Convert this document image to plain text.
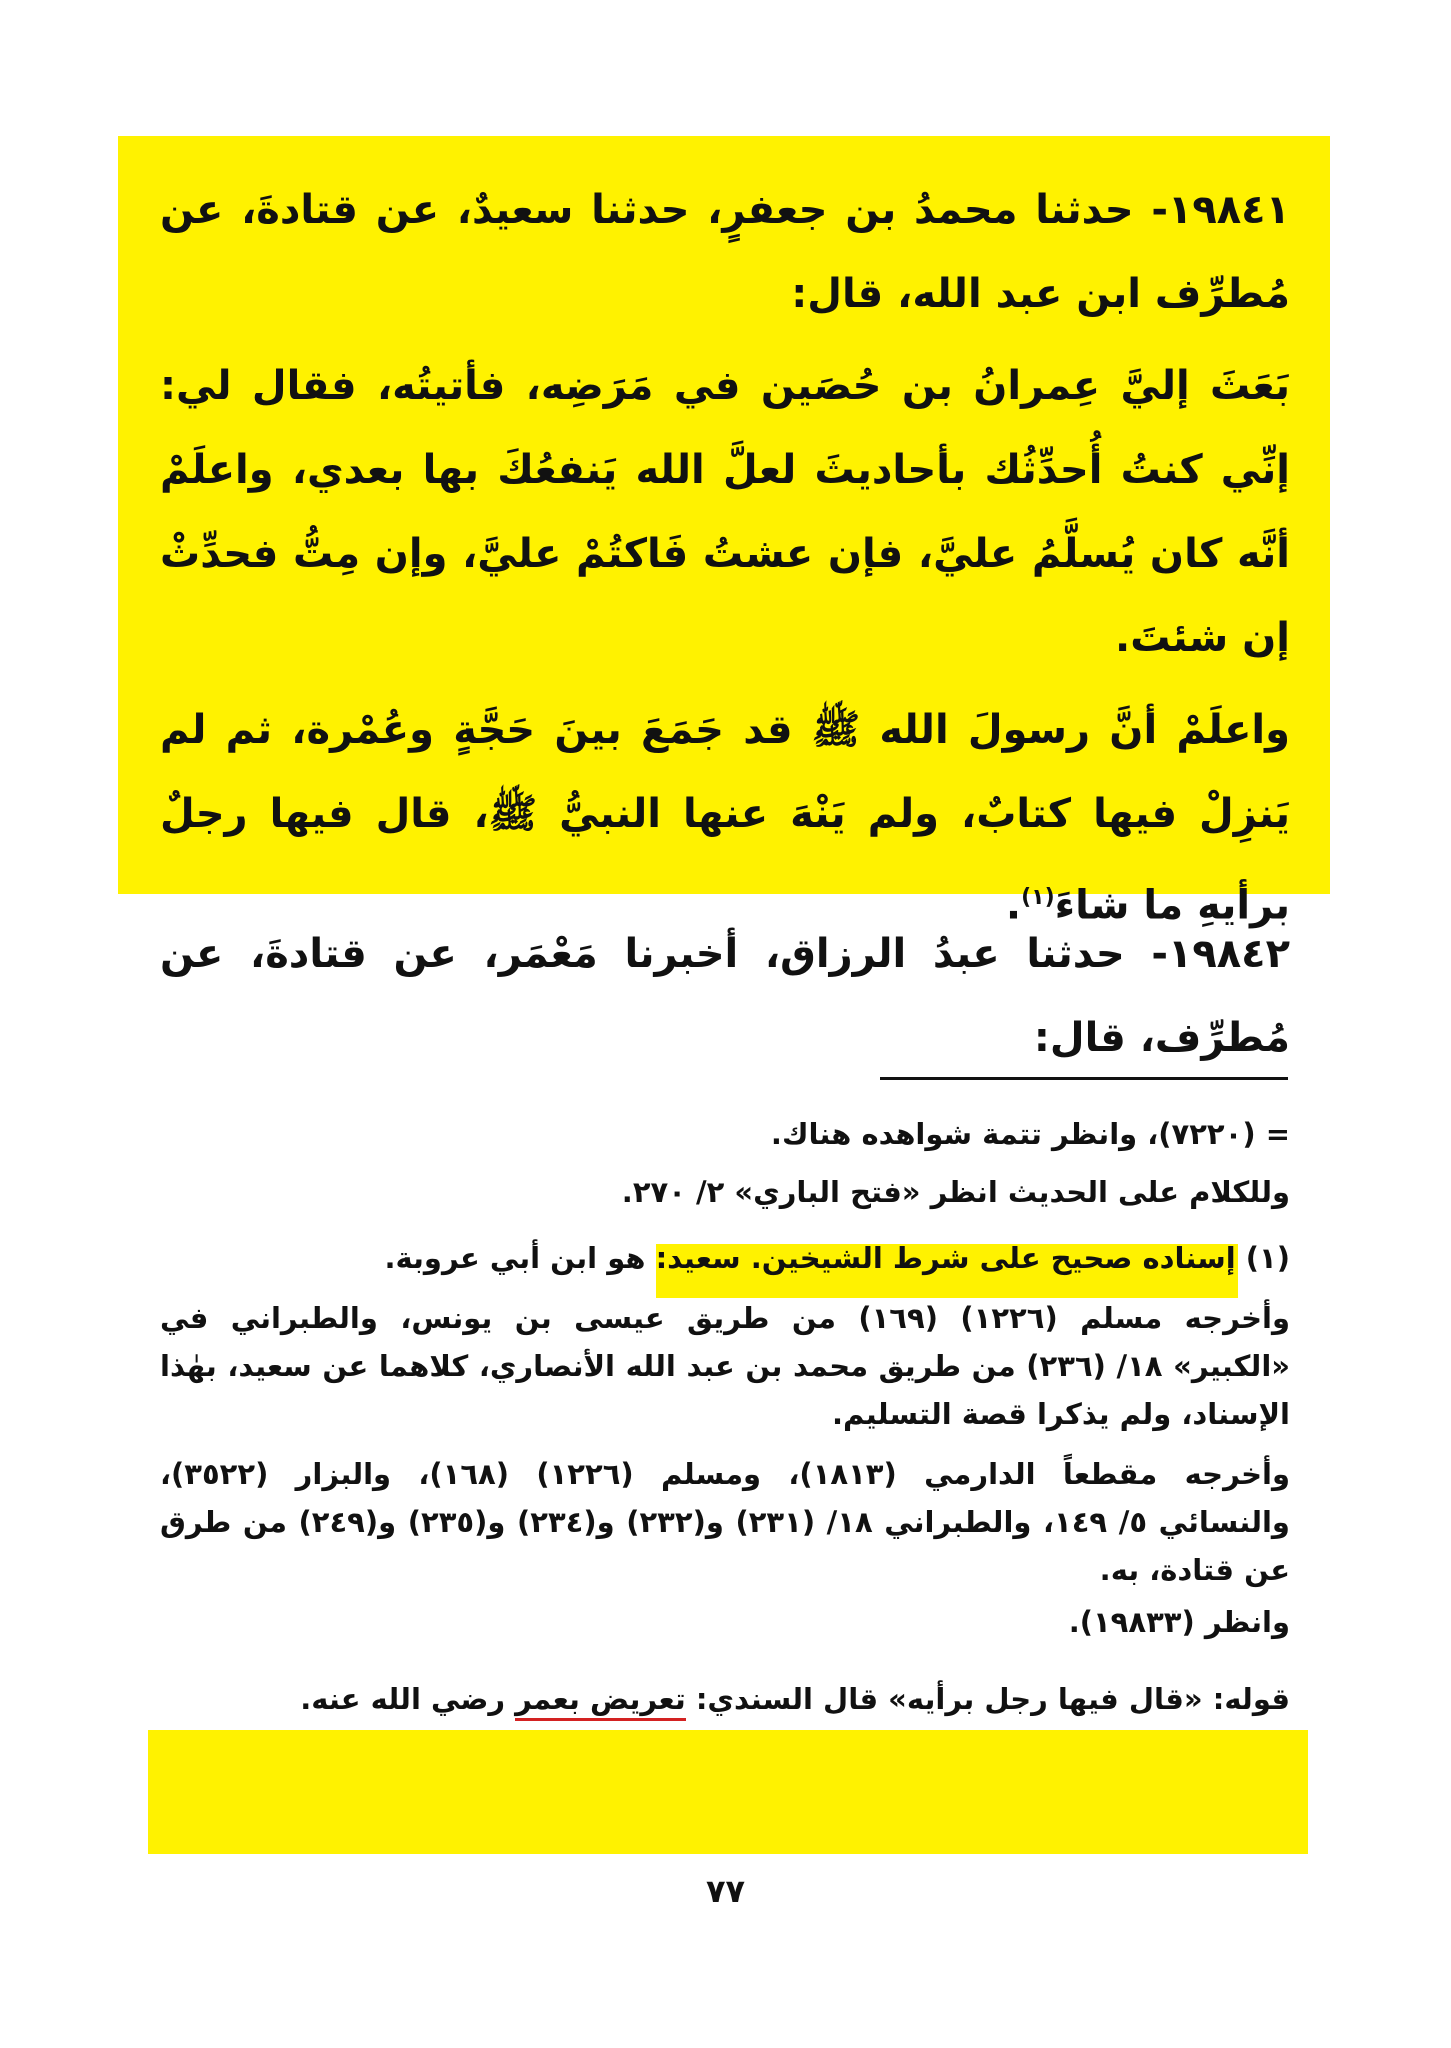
١٩٨٤١- حدثنا محمدُ بن جعفرٍ، حدثنا سعيدٌ، عن قتادةَ، عن مُطرِّف ابن عبد الله، قال:

بَعَثَ إليَّ عِمرانُ بن حُصَين في مَرَضِه، فأتيتُه، فقال لي: إنِّي كنتُ أُحدِّثُك بأحاديثَ لعلَّ الله يَنفعُكَ بها بعدي، واعلَمْ أنَّه كان يُسلَّمُ عليَّ، فإن عشتُ فَاكتُمْ عليَّ، وإن مِتُّ فحدِّثْ إن شئتَ.

واعلَمْ أنَّ رسولَ الله ﷺ قد جَمَعَ بينَ حَجَّةٍ وعُمْرة، ثم لم يَنزِلْ فيها كتابٌ، ولم يَنْهَ عنها النبيُّ ﷺ، قال فيها رجلٌ برأيهِ ما شاءَ$^{(١)}$.

١٩٨٤٢- حدثنا عبدُ الرزاق، أخبرنا مَعْمَر، عن قتادةَ، عن مُطرِّف، قال:

= (٧٢٢٠)، وانظر تتمة شواهده هناك.

وللكلام على الحديث انظر «فتح الباري» ٢/ ٢٧٠.

(١) إسناده صحيح على شرط الشيخين. سعيد: هو ابن أبي عروبة.

وأخرجه مسلم (١٢٢٦) (١٦٩) من طريق عيسى بن يونس، والطبراني في «الكبير» ١٨/ (٢٣٦) من طريق محمد بن عبد الله الأنصاري، كلاهما عن سعيد، بهٰذا الإسناد، ولم يذكرا قصة التسليم.

وأخرجه مقطعاً الدارمي (١٨١٣)، ومسلم (١٢٢٦) (١٦٨)، والبزار (٣٥٢٢)، والنسائي ٥/ ١٤٩، والطبراني ١٨/ (٢٣١) و(٢٣٢) و(٢٣٤) و(٢٣٥) و(٢٤٩) من طرق عن قتادة، به.

وانظر (١٩٨٣٣).

قوله: «قال فيها رجل برأيه» قال السندي: تعريض بعمر رضي الله عنه.

٧٧
